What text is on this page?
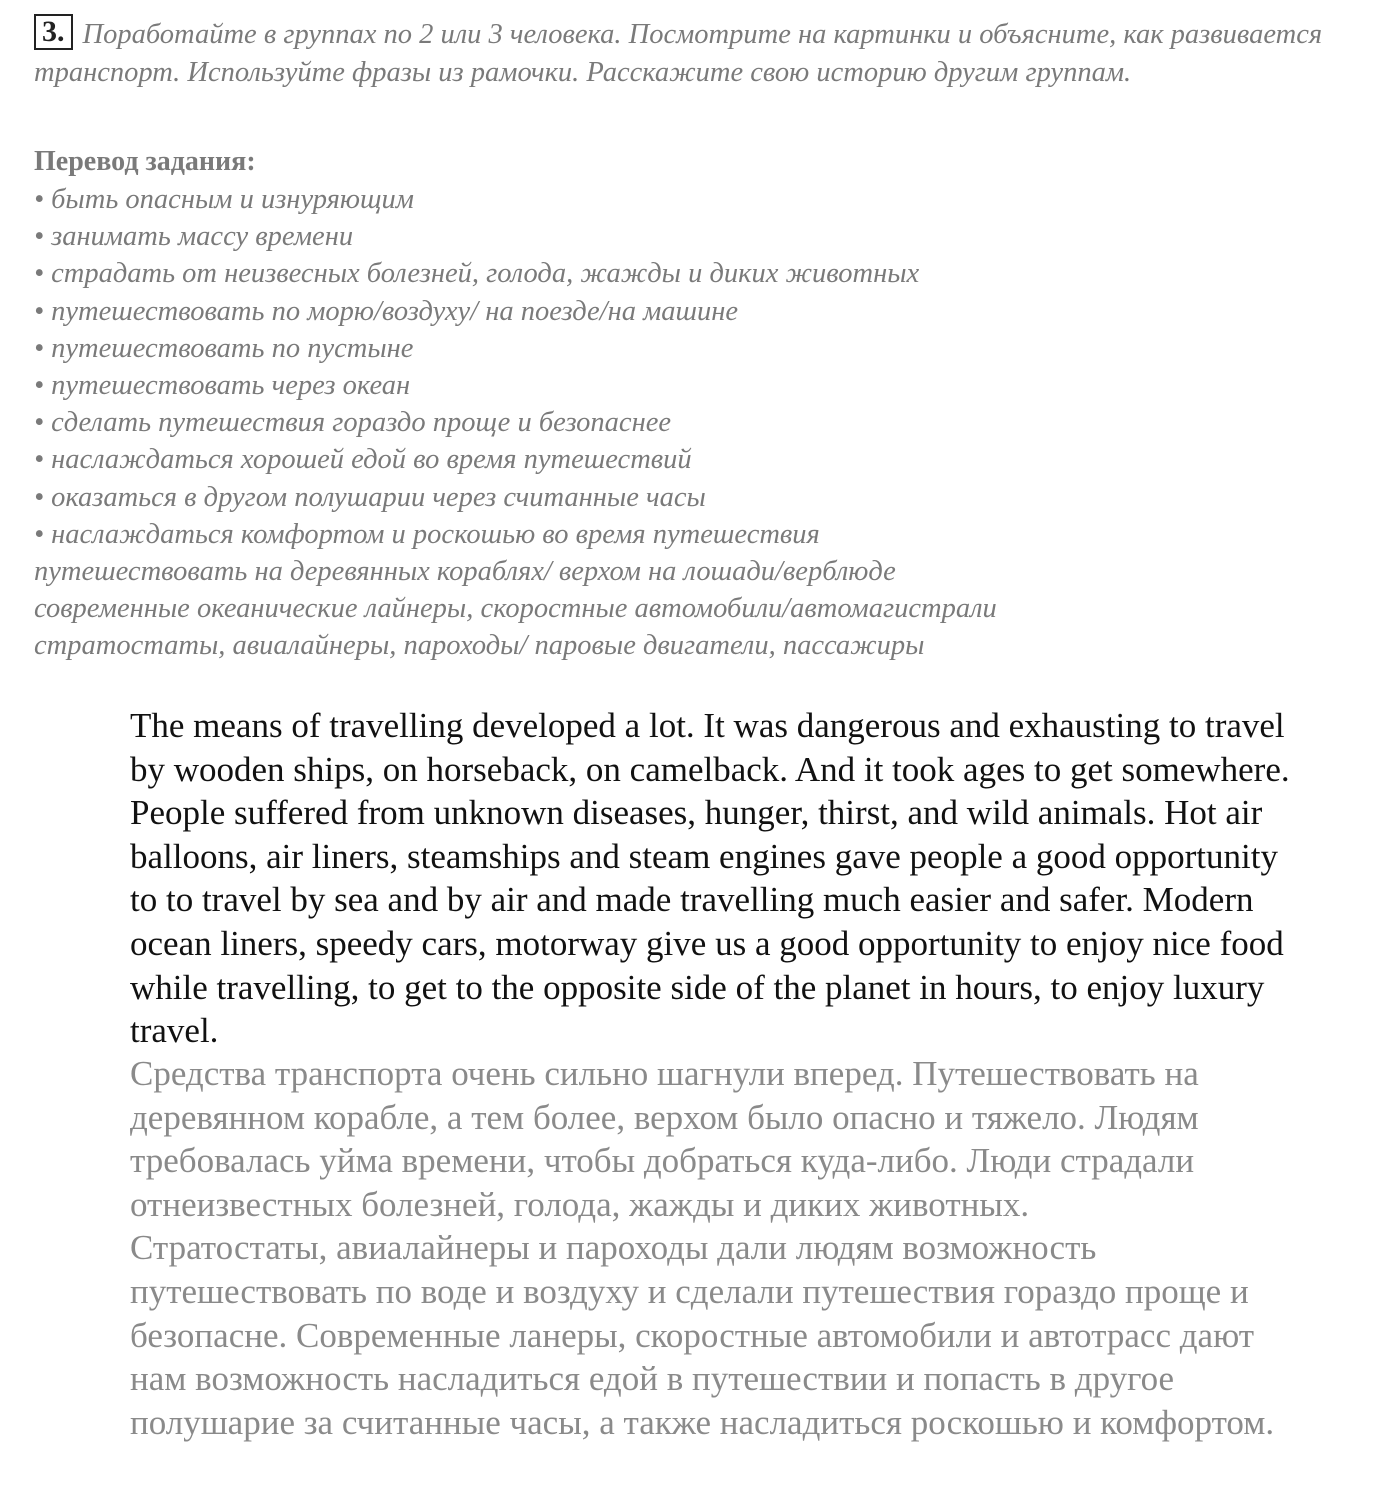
3. Поработайте в группах по 2 или 3 человека. Посмотрите на картинки и объясните, как развивается транспорт. Используйте фразы из рамочки. Расскажите свою историю другим группам.

Перевод задания:

• быть опасным и изнуряющим
• занимать массу времени
• страдать от неизвесных болезней, голода, жажды и диких животных
• путешествовать по морю/воздуху/ на поезде/на машине
• путешествовать по пустыне
• путешествовать через океан
• сделать путешествия гораздо проще и безопаснее
• наслаждаться хорошей едой во время путешествий
• оказаться в другом полушарии через считанные часы
• наслаждаться комфортом и роскошью во время путешествия
путешествовать на деревянных кораблях/ верхом на лошади/верблюде
современные океанические лайнеры, скоростные автомобили/автомагистрали
стратостаты, авиалайнеры, пароходы/ паровые двигатели, пассажиры

The means of travelling developed a lot. It was dangerous and exhausting to travel by wooden ships, on horseback, on camelback. And it took ages to get somewhere. People suffered from unknown diseases, hunger, thirst, and wild animals. Hot air balloons, air liners, steamships and steam engines gave people a good opportunity to to travel by sea and by air and made travelling much easier and safer. Modern ocean liners, speedy cars, motorway give us a good opportunity to enjoy nice food while travelling, to get to the opposite side of the planet in hours, to enjoy luxury travel.

Средства транспорта очень сильно шагнули вперед. Путешествовать на деревянном корабле, а тем более, верхом было опасно и тяжело. Людям требовалась уйма времени, чтобы добраться куда-либо. Люди страдали отнеизвестных болезней, голода, жажды и диких животных.
Стратостаты, авиалайнеры и пароходы дали людям возможность путешествовать по воде и воздуху и сделали путешествия гораздо проще и безопасне. Современные ланеры, скоростные автомобили и автотрасс дают нам возможность насладиться едой в путешествии и попасть в другое полушарие за считанные часы, а также насладиться роскошью и комфортом.
